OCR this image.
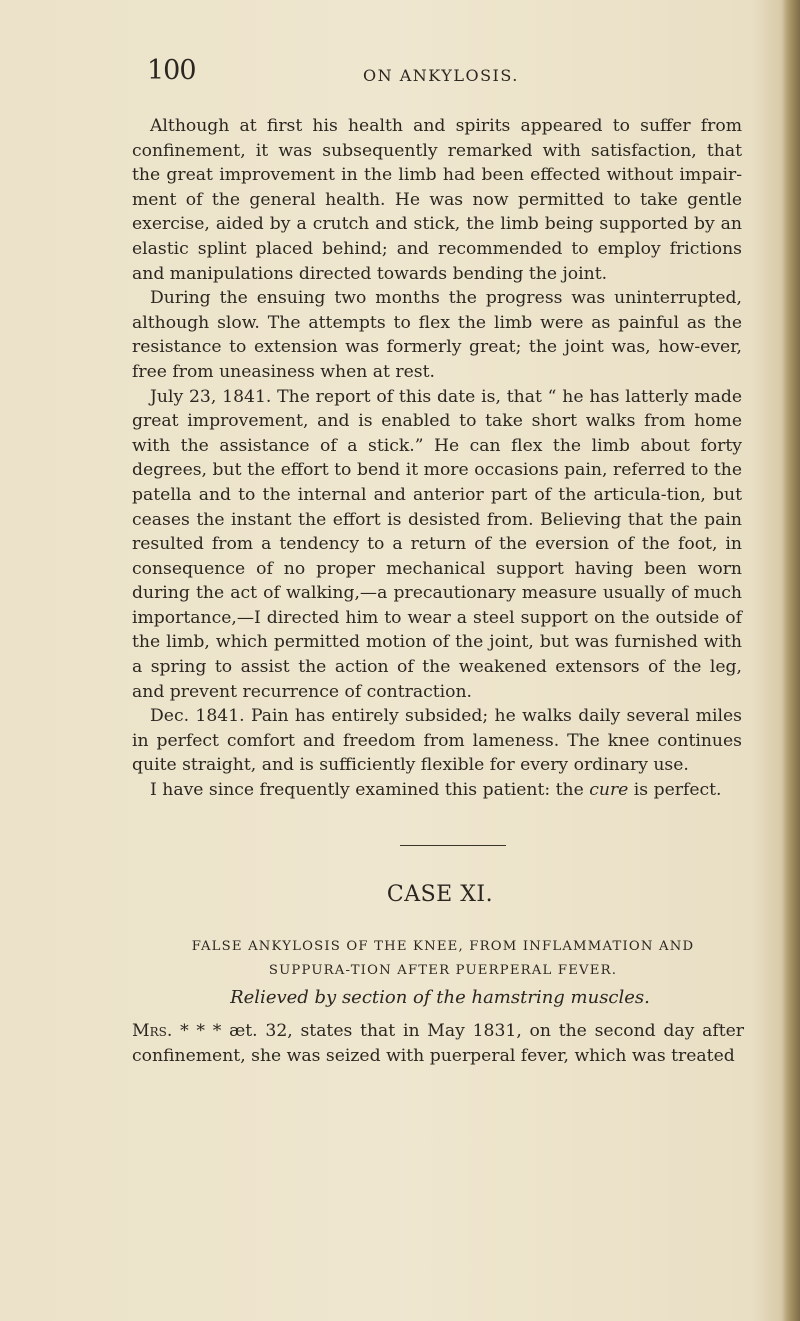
100	ON ANKYLOSIS.

Although at first his health and spirits appeared to suffer from confinement, it was subsequently remarked with satisfaction, that the great improvement in the limb had been effected without impair-ment of the general health. He was now permitted to take gentle exercise, aided by a crutch and stick, the limb being supported by an elastic splint placed behind; and recommended to employ frictions and manipulations directed towards bending the joint.

During the ensuing two months the progress was uninterrupted, although slow. The attempts to flex the limb were as painful as the resistance to extension was formerly great; the joint was, how-ever, free from uneasiness when at rest.

July 23, 1841. The report of this date is, that “ he has latterly made great improvement, and is enabled to take short walks from home with the assistance of a stick.” He can flex the limb about forty degrees, but the effort to bend it more occasions pain, referred to the patella and to the internal and anterior part of the articula-tion, but ceases the instant the effort is desisted from. Believing that the pain resulted from a tendency to a return of the eversion of the foot, in consequence of no proper mechanical support having been worn during the act of walking,—a precautionary measure usually of much importance,—I directed him to wear a steel support on the outside of the limb, which permitted motion of the joint, but was furnished with a spring to assist the action of the weakened extensors of the leg, and prevent recurrence of contraction.

Dec. 1841. Pain has entirely subsided; he walks daily several miles in perfect comfort and freedom from lameness. The knee continues quite straight, and is sufficiently flexible for every ordinary use.

I have since frequently examined this patient: the cure is perfect.

CASE XI.
FALSE ANKYLOSIS OF THE KNEE, FROM INFLAMMATION AND SUPPURA-TION AFTER PUERPERAL FEVER.
Relieved by section of the hamstring muscles.

Mrs. * * * æt. 32, states that in May 1831, on the second day after confinement, she was seized with puerperal fever, which was treated
